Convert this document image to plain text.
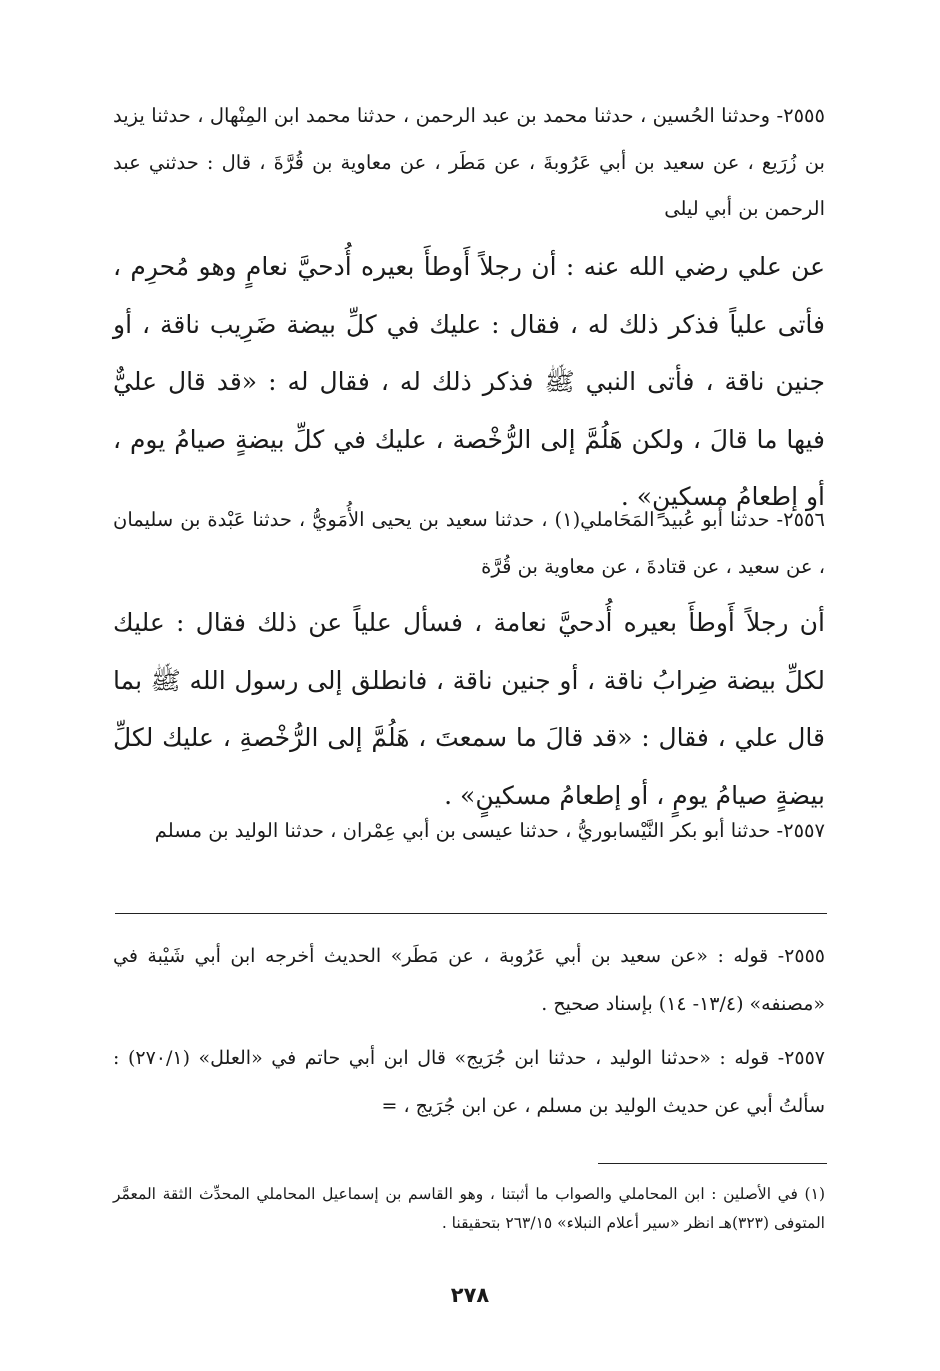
٢٥٥٥- وحدثنا الحُسين ، حدثنا محمد بن عبد الرحمن ، حدثنا محمد ابن المِنْهال ، حدثنا يزيد بن زُرَيع ، عن سعيد بن أبي عَرُوبةَ ، عن مَطَر ، عن معاوية بن قُرَّةَ ، قال : حدثني عبد الرحمن بن أبي ليلى

عن علي رضي الله عنه : أن رجلاً أَوطأَ بعيره أُدحيَّ نعامٍ وهو مُحرِم ، فأتى علياً فذكر ذلك له ، فقال : عليك في كلِّ بيضة ضَرِيب ناقة ، أو جنين ناقة ، فأتى النبي ﷺ فذكر ذلك له ، فقال له : «قد قال عليٌّ فيها ما قالَ ، ولكن هَلُمَّ إلى الرُّخْصة ، عليك في كلِّ بيضةٍ صيامُ يوم ، أو إطعامُ مسكينٍ» .

٢٥٥٦- حدثنا أبو عُبيد المَحَاملي(١) ، حدثنا سعيد بن يحيى الأُمَويُّ ، حدثنا عَبْدة بن سليمان ، عن سعيد ، عن قتادةَ ، عن معاوية بن قُرَّة

أن رجلاً أَوطأَ بعيره أُدحيَّ نعامة ، فسأل علياً عن ذلك فقال : عليك لكلِّ بيضة ضِرابُ ناقة ، أو جنين ناقة ، فانطلق إلى رسول الله ﷺ بما قال علي ، فقال : «قد قالَ ما سمعتَ ، هَلُمَّ إلى الرُّخْصةِ ، عليك لكلِّ بيضةٍ صيامُ يومٍ ، أو إطعامُ مسكينٍ» .

٢٥٥٧- حدثنا أبو بكر النَّيْسابوريُّ ، حدثنا عيسى بن أبي عِمْران ، حدثنا الوليد بن مسلم

٢٥٥٥- قوله : «عن سعيد بن أبي عَرُوبة ، عن مَطَر» الحديث أخرجه ابن أبي شَيْبة في «مصنفه» (١٣/٤- ١٤) بإسناد صحيح .

٢٥٥٧- قوله : «حدثنا الوليد ، حدثنا ابن جُرَيج» قال ابن أبي حاتم في «العلل» (٢٧٠/١) : سألتُ أبي عن حديث الوليد بن مسلم ، عن ابن جُرَيج ، =

(١) في الأصلين : ابن المحاملي والصواب ما أثبتنا ، وهو القاسم بن إسماعيل المحاملي المحدِّث الثقة المعمَّر المتوفى (٣٢٣)هـ انظر «سير أعلام النبلاء» ٢٦٣/١٥ بتحقيقنا .

٢٧٨
